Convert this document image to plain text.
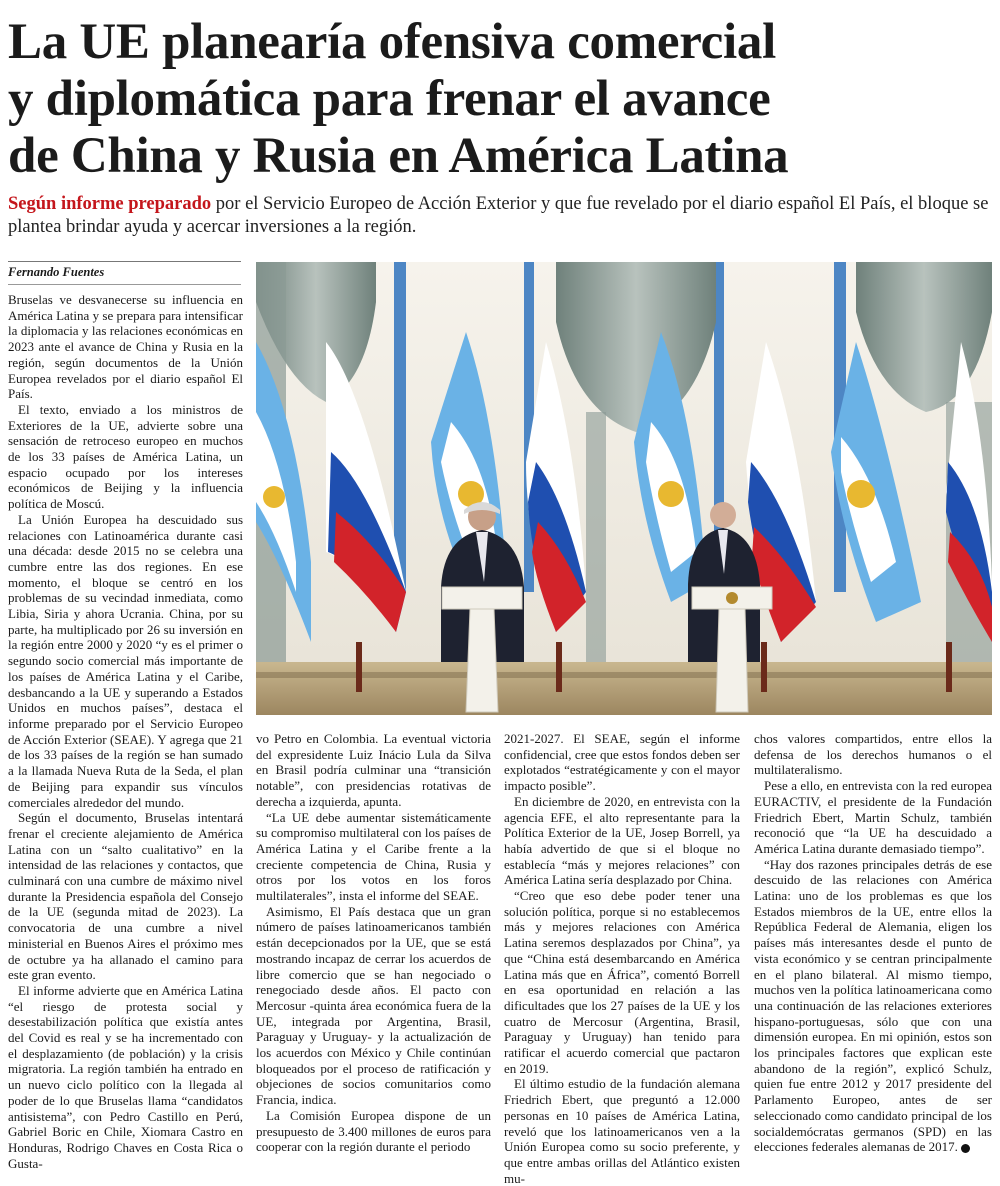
La UE planearía ofensiva comercial
y diplomática para frenar el avance
de China y Rusia en América Latina

Según informe preparado por el Servicio Europeo de Acción Exterior y que fue revelado por el diario español El País, el bloque se plantea brindar ayuda y acercar inversiones a la región.

Fernando Fuentes

Bruselas ve desvanecerse su influencia en América Latina y se prepara para intensificar la diplomacia y las relaciones económicas en 2023 ante el avance de China y Rusia en la región, según documentos de la Unión Europea revelados por el diario español El País.

El texto, enviado a los ministros de Exteriores de la UE, advierte sobre una sensación de retroceso europeo en muchos de los 33 países de América Latina, un espacio ocupado por los intereses económicos de Beijing y la influencia política de Moscú.

La Unión Europea ha descuidado sus relaciones con Latinoamérica durante casi una década: desde 2015 no se celebra una cumbre entre las dos regiones. En ese momento, el bloque se centró en los problemas de su vecindad inmediata, como Libia, Siria y ahora Ucrania. China, por su parte, ha multiplicado por 26 su inversión en la región entre 2000 y 2020 “y es el primer o segundo socio comercial más importante de los países de América Latina y el Caribe, desbancando a la UE y superando a Estados Unidos en muchos países”, destaca el informe preparado por el Servicio Europeo de Acción Exterior (SEAE). Y agrega que 21 de los 33 países de la región se han sumado a la llamada Nueva Ruta de la Seda, el plan de Beijing para expandir sus vínculos comerciales alrededor del mundo.

Según el documento, Bruselas intentará frenar el creciente alejamiento de América Latina con un “salto cualitativo” en la intensidad de las relaciones y contactos, que culminará con una cumbre de máximo nivel durante la Presidencia española del Consejo de la UE (segunda mitad de 2023). La convocatoria de una cumbre a nivel ministerial en Buenos Aires el próximo mes de octubre ya ha allanado el camino para este gran evento.

El informe advierte que en América Latina “el riesgo de protesta social y desestabilización política que existía antes del Covid es real y se ha incrementado con el desplazamiento (de población) y la crisis migratoria. La región también ha entrado en un nuevo ciclo político con la llegada al poder de lo que Bruselas llama “candidatos antisistema”, con Pedro Castillo en Perú, Gabriel Boric en Chile, Xiomara Castro en Honduras, Rodrigo Chaves en Costa Rica o Gusta-

vo Petro en Colombia. La eventual victoria del expresidente Luiz Inácio Lula da Silva en Brasil podría culminar una “transición notable”, con presidencias rotativas de derecha a izquierda, apunta.

“La UE debe aumentar sistemáticamente su compromiso multilateral con los países de América Latina y el Caribe frente a la creciente competencia de China, Rusia y otros por los votos en los foros multilaterales”, insta el informe del SEAE.

Asimismo, El País destaca que un gran número de países latinoamericanos también están decepcionados por la UE, que se está mostrando incapaz de cerrar los acuerdos de libre comercio que se han negociado o renegociado desde años. El pacto con Mercosur -quinta área económica fuera de la UE, integrada por Argentina, Brasil, Paraguay y Uruguay- y la actualización de los acuerdos con México y Chile continúan bloqueados por el proceso de ratificación y objeciones de socios comunitarios como Francia, indica.

La Comisión Europea dispone de un presupuesto de 3.400 millones de euros para cooperar con la región durante el periodo

2021-2027. El SEAE, según el informe confidencial, cree que estos fondos deben ser explotados “estratégicamente y con el mayor impacto posible”.

En diciembre de 2020, en entrevista con la agencia EFE, el alto representante para la Política Exterior de la UE, Josep Borrell, ya había advertido de que si el bloque no establecía “más y mejores relaciones” con América Latina sería desplazado por China.

“Creo que eso debe poder tener una solución política, porque si no establecemos más y mejores relaciones con América Latina seremos desplazados por China”, ya que “China está desembarcando en América Latina más que en África”, comentó Borrell en esa oportunidad en relación a las dificultades que los 27 países de la UE y los cuatro de Mercosur (Argentina, Brasil, Paraguay y Uruguay) han tenido para ratificar el acuerdo comercial que pactaron en 2019.

El último estudio de la fundación alemana Friedrich Ebert, que preguntó a 12.000 personas en 10 países de América Latina, reveló que los latinoamericanos ven a la Unión Europea como su socio preferente, y que entre ambas orillas del Atlántico existen mu-

chos valores compartidos, entre ellos la defensa de los derechos humanos o el multilateralismo.

Pese a ello, en entrevista con la red europea EURACTIV, el presidente de la Fundación Friedrich Ebert, Martin Schulz, también reconoció que “la UE ha descuidado a América Latina durante demasiado tiempo”.

“Hay dos razones principales detrás de ese descuido de las relaciones con América Latina: uno de los problemas es que los Estados miembros de la UE, entre ellos la República Federal de Alemania, eligen los países más interesantes desde el punto de vista económico y se centran principalmente en el plano bilateral. Al mismo tiempo, muchos ven la política latinoamericana como una continuación de las relaciones exteriores hispano-portuguesas, sólo que con una dimensión europea. En mi opinión, estos son los principales factores que explican este abandono de la región”, explicó Schulz, quien fue entre 2012 y 2017 presidente del Parlamento Europeo, antes de ser seleccionado como candidato principal de los socialdemócratas germanos (SPD) en las elecciones federales alemanas de 2017.
